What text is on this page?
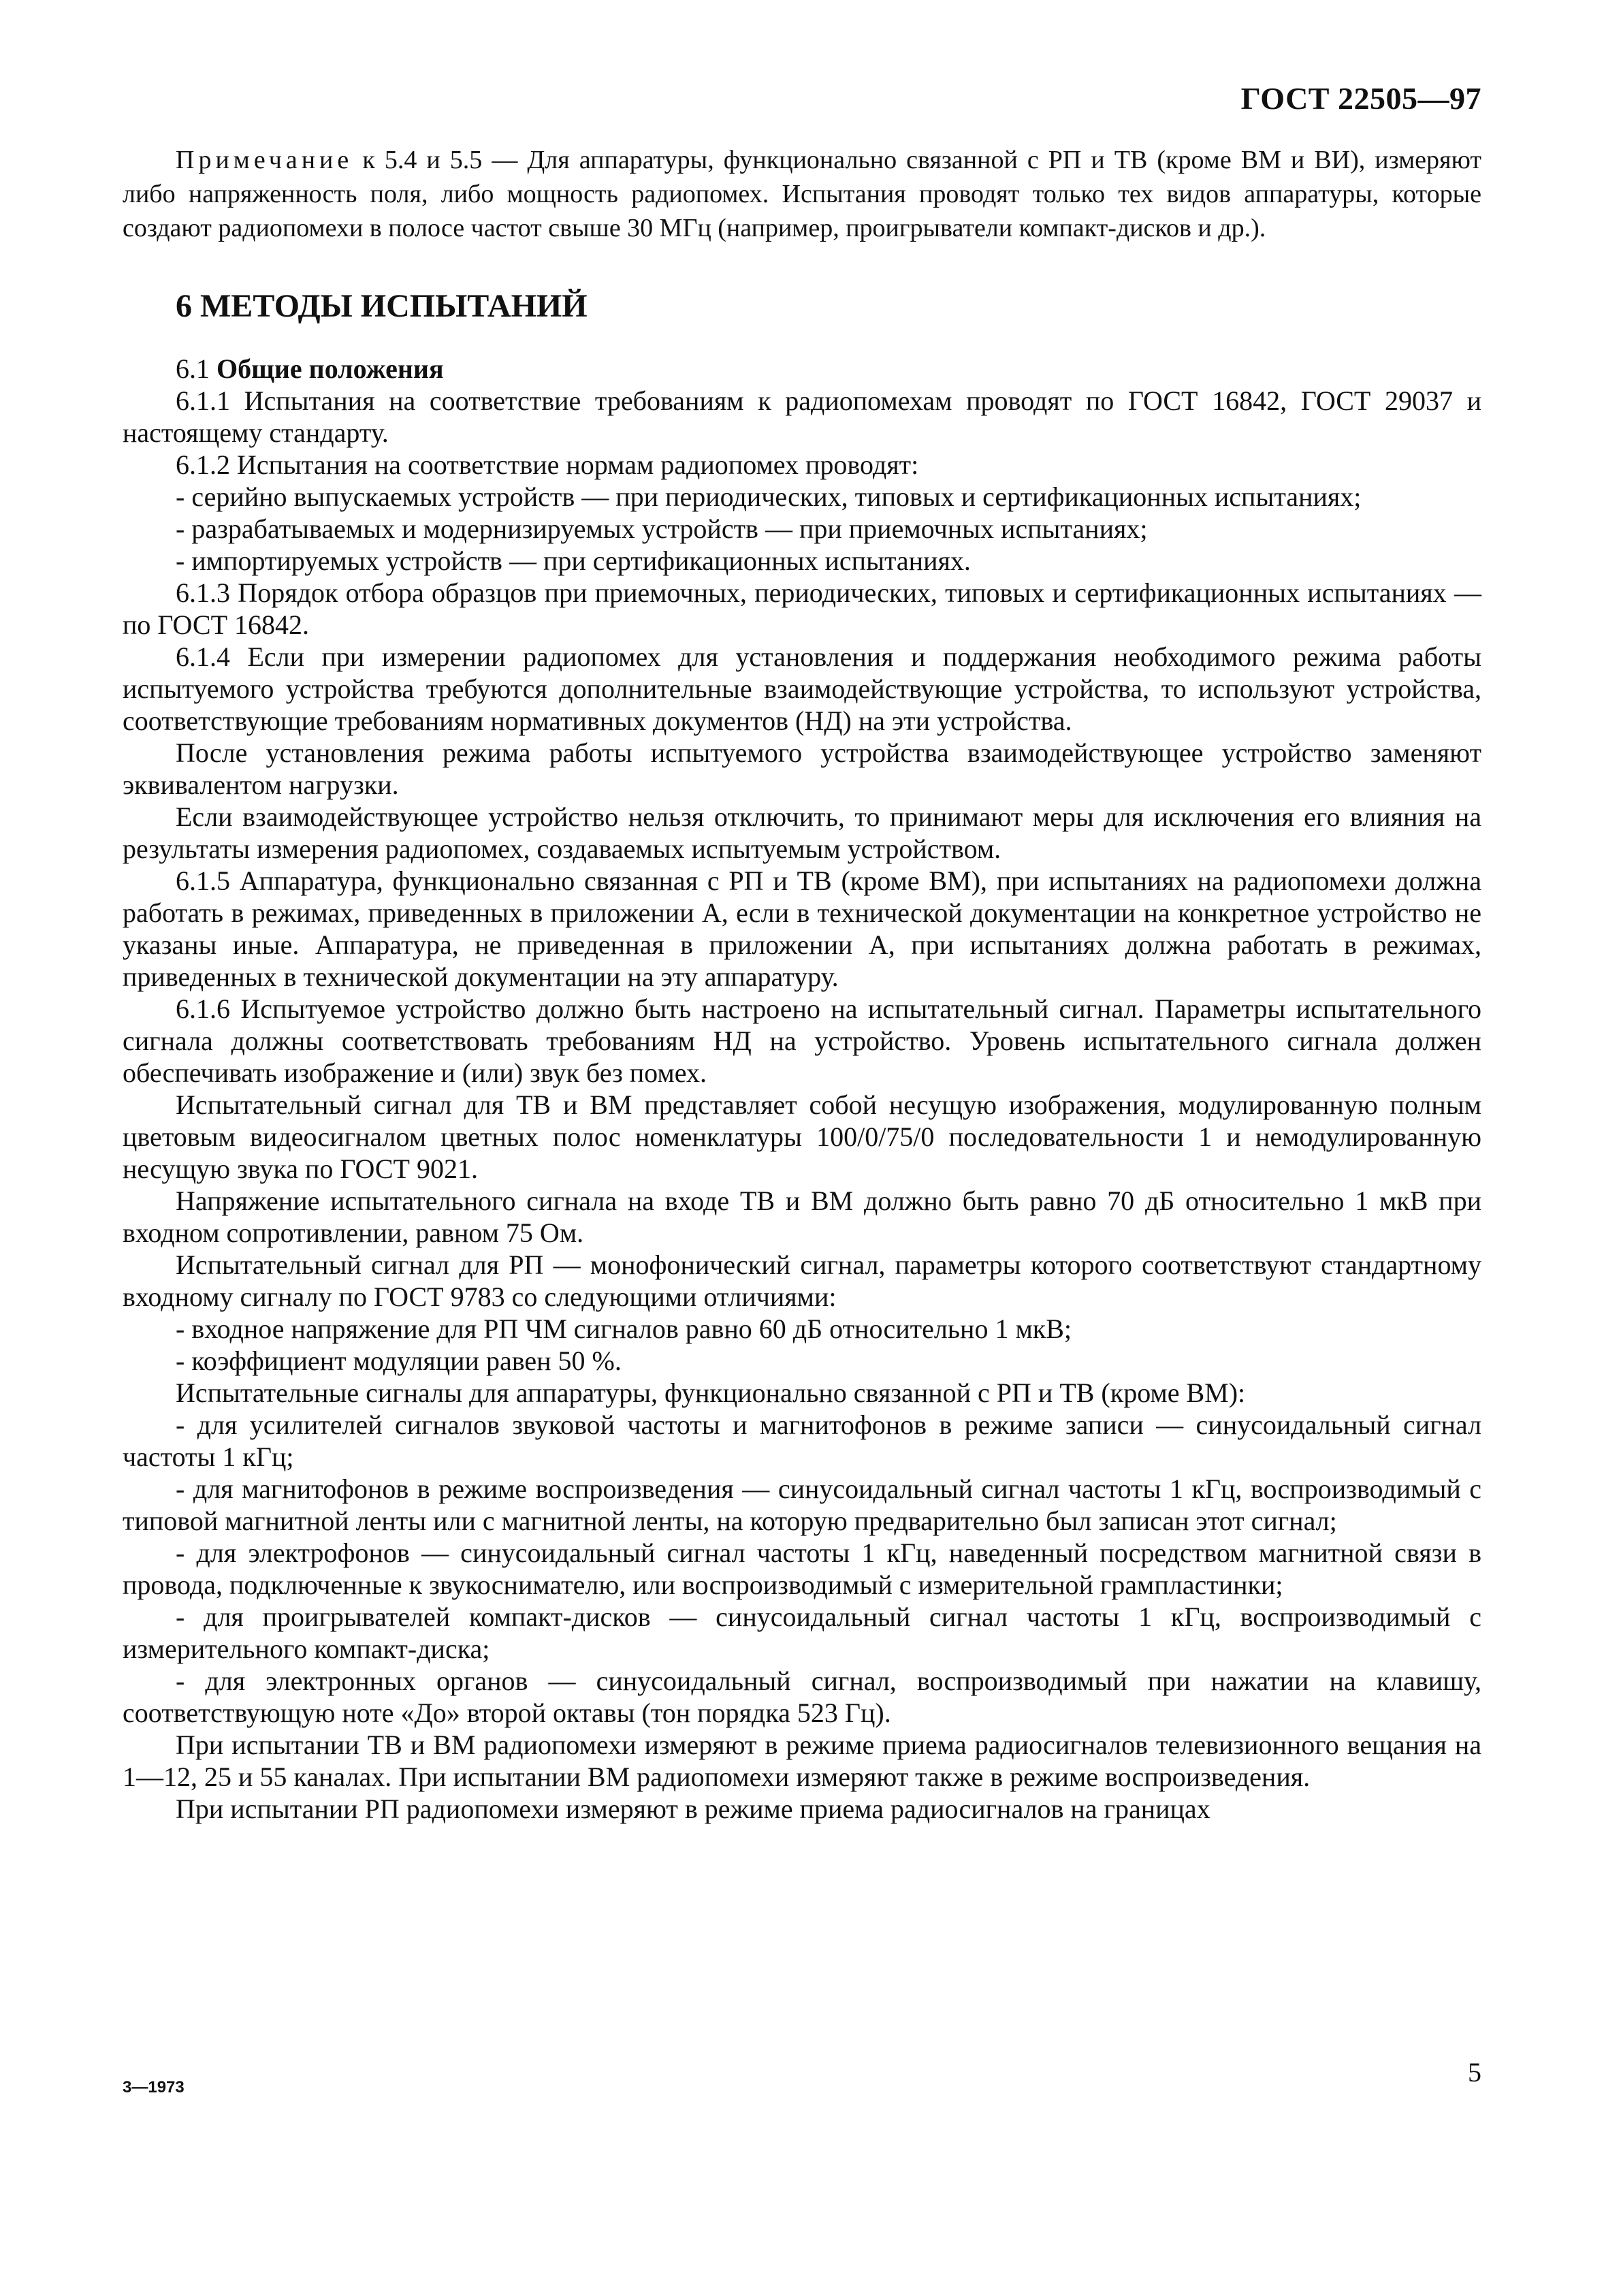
ГОСТ 22505—97

Примечание к 5.4 и 5.5 — Для аппаратуры, функционально связанной с РП и ТВ (кроме ВМ и ВИ), измеряют либо напряженность поля, либо мощность радиопомех. Испытания проводят только тех видов аппаратуры, которые создают радиопомехи в полосе частот свыше 30 МГц (например, проигрыватели компакт-дисков и др.).

6 МЕТОДЫ ИСПЫТАНИЙ

6.1 Общие положения

6.1.1 Испытания на соответствие требованиям к радиопомехам проводят по ГОСТ 16842, ГОСТ 29037 и настоящему стандарту.

6.1.2 Испытания на соответствие нормам радиопомех проводят:

- серийно выпускаемых устройств — при периодических, типовых и сертификационных испытаниях;

- разрабатываемых и модернизируемых устройств — при приемочных испытаниях;

- импортируемых устройств — при сертификационных испытаниях.

6.1.3 Порядок отбора образцов при приемочных, периодических, типовых и сертификационных испытаниях — по ГОСТ 16842.

6.1.4 Если при измерении радиопомех для установления и поддержания необходимого режима работы испытуемого устройства требуются дополнительные взаимодействующие устройства, то используют устройства, соответствующие требованиям нормативных документов (НД) на эти устройства.

После установления режима работы испытуемого устройства взаимодействующее устройство заменяют эквивалентом нагрузки.

Если взаимодействующее устройство нельзя отключить, то принимают меры для исключения его влияния на результаты измерения радиопомех, создаваемых испытуемым устройством.

6.1.5 Аппаратура, функционально связанная с РП и ТВ (кроме ВМ), при испытаниях на радиопомехи должна работать в режимах, приведенных в приложении А, если в технической документации на конкретное устройство не указаны иные. Аппаратура, не приведенная в приложении А, при испытаниях должна работать в режимах, приведенных в технической документации на эту аппаратуру.

6.1.6 Испытуемое устройство должно быть настроено на испытательный сигнал. Параметры испытательного сигнала должны соответствовать требованиям НД на устройство. Уровень испытательного сигнала должен обеспечивать изображение и (или) звук без помех.

Испытательный сигнал для ТВ и ВМ представляет собой несущую изображения, модулированную полным цветовым видеосигналом цветных полос номенклатуры 100/0/75/0 последовательности 1 и немодулированную несущую звука по ГОСТ 9021.

Напряжение испытательного сигнала на входе ТВ и ВМ должно быть равно 70 дБ относительно 1 мкВ при входном сопротивлении, равном 75 Ом.

Испытательный сигнал для РП — монофонический сигнал, параметры которого соответствуют стандартному входному сигналу по ГОСТ 9783 со следующими отличиями:

- входное напряжение для РП ЧМ сигналов равно 60 дБ относительно 1 мкВ;

- коэффициент модуляции равен 50 %.

Испытательные сигналы для аппаратуры, функционально связанной с РП и ТВ (кроме ВМ):

- для усилителей сигналов звуковой частоты и магнитофонов в режиме записи — синусоидальный сигнал частоты 1 кГц;

- для магнитофонов в режиме воспроизведения — синусоидальный сигнал частоты 1 кГц, воспроизводимый с типовой магнитной ленты или с магнитной ленты, на которую предварительно был записан этот сигнал;

- для электрофонов — синусоидальный сигнал частоты 1 кГц, наведенный посредством магнитной связи в провода, подключенные к звукоснимателю, или воспроизводимый с измерительной грампластинки;

- для проигрывателей компакт-дисков — синусоидальный сигнал частоты 1 кГц, воспроизводимый с измерительного компакт-диска;

- для электронных органов — синусоидальный сигнал, воспроизводимый при нажатии на клавишу, соответствующую ноте «До» второй октавы (тон порядка 523 Гц).

При испытании ТВ и ВМ радиопомехи измеряют в режиме приема радиосигналов телевизионного вещания на 1—12, 25 и 55 каналах. При испытании ВМ радиопомехи измеряют также в режиме воспроизведения.

При испытании РП радиопомехи измеряют в режиме приема радиосигналов на границах

3—1973	5
